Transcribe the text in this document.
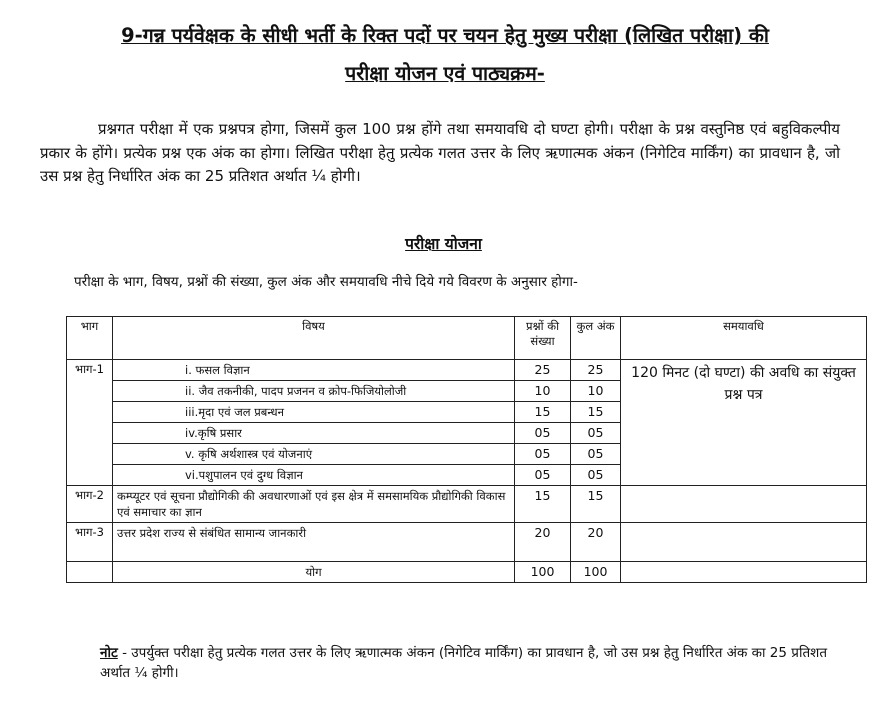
9-गन्न पर्यवेक्षक के सीधी भर्ती के रिक्त पदों पर चयन हेतु मुख्य परीक्षा (लिखित परीक्षा) की
परीक्षा योजन एवं पाठ्यक्रम-

प्रश्नगत परीक्षा में एक प्रश्नपत्र होगा, जिसमें कुल 100 प्रश्न होंगे तथा समयावधि दो घण्टा होगी। परीक्षा के प्रश्न वस्तुनिष्ठ एवं बहुविकल्पीय प्रकार के होंगे। प्रत्येक प्रश्न एक अंक का होगा। लिखित परीक्षा हेतु प्रत्येक गलत उत्तर के लिए ऋणात्मक अंकन (निगेटिव मार्किंग) का प्रावधान है, जो उस प्रश्न हेतु निर्धारित अंक का 25 प्रतिशत अर्थात ¼ होगी।

परीक्षा योजना

परीक्षा के भाग, विषय, प्रश्नों की संख्या, कुल अंक और समयावधि नीचे दिये गये विवरण के अनुसार होगा-

भाग	विषय	प्रश्नों की संख्या	कुल अंक	समयावधि
भाग-1	i. फसल विज्ञान	25	25	120 मिनट (दो घण्टा) की अवधि का संयुक्त प्रश्न पत्र
	ii. जैव तकनीकी, पादप प्रजनन व क्रोप-फिजियोलोजी	10	10	
	iii.मृदा एवं जल प्रबन्धन	15	15	
	iv.कृषि प्रसार	05	05	
	v. कृषि अर्थशास्त्र एवं योजनाएं	05	05	
	vi.पशुपालन एवं दुग्ध विज्ञान	05	05	
भाग-2	कम्प्यूटर एवं सूचना प्रौद्योगिकी की अवधारणाओं एवं इस क्षेत्र में समसामयिक प्रौद्योगिकी विकास एवं समाचार का ज्ञान	15	15	
भाग-3	उत्तर प्रदेश राज्य से संबंधित सामान्य जानकारी	20	20	
	योग	100	100	
नोट - उपर्युक्त परीक्षा हेतु प्रत्येक गलत उत्तर के लिए ऋणात्मक अंकन (निगेटिव मार्किंग) का प्रावधान है, जो उस प्रश्न हेतु निर्धारित अंक का 25 प्रतिशत अर्थात ¼ होगी।
